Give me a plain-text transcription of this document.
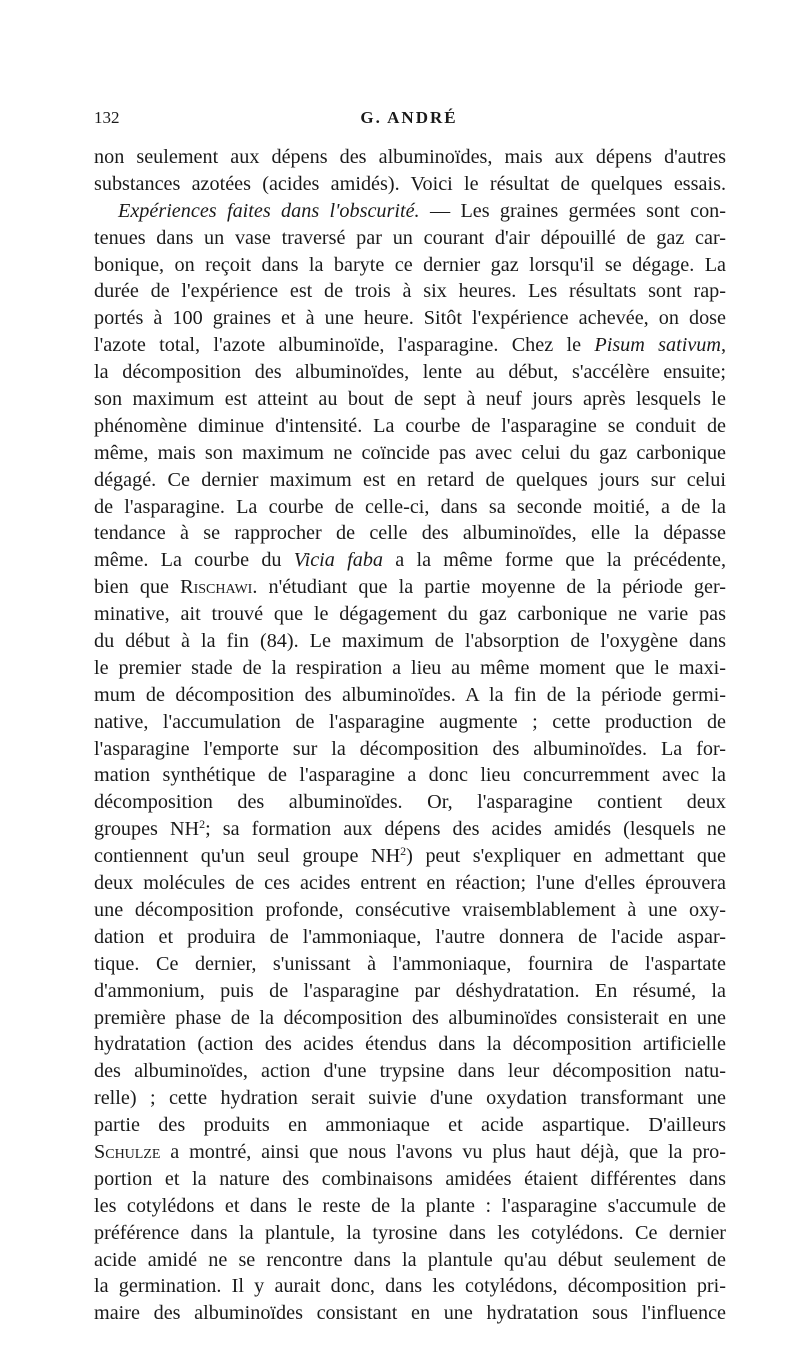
132	G. ANDRÉ
non seulement aux dépens des albuminoïdes, mais aux dépens d'autres
substances azotées (acides amidés). Voici le résultat de quelques essais.
Expériences faites dans l'obscurité. — Les graines germées sont con-
tenues dans un vase traversé par un courant d'air dépouillé de gaz car-
bonique, on reçoit dans la baryte ce dernier gaz lorsqu'il se dégage. La
durée de l'expérience est de trois à six heures. Les résultats sont rap-
portés à 100 graines et à une heure. Sitôt l'expérience achevée, on dose
l'azote total, l'azote albuminoïde, l'asparagine. Chez le Pisum sativum,
la décomposition des albuminoïdes, lente au début, s'accélère ensuite;
son maximum est atteint au bout de sept à neuf jours après lesquels le
phénomène diminue d'intensité. La courbe de l'asparagine se conduit de
même, mais son maximum ne coïncide pas avec celui du gaz carbonique
dégagé. Ce dernier maximum est en retard de quelques jours sur celui
de l'asparagine. La courbe de celle-ci, dans sa seconde moitié, a de la
tendance à se rapprocher de celle des albuminoïdes, elle la dépasse
même. La courbe du Vicia faba a la même forme que la précédente,
bien que Rischawi. n'étudiant que la partie moyenne de la période ger-
minative, ait trouvé que le dégagement du gaz carbonique ne varie pas
du début à la fin (84). Le maximum de l'absorption de l'oxygène dans
le premier stade de la respiration a lieu au même moment que le maxi-
mum de décomposition des albuminoïdes. A la fin de la période germi-
native, l'accumulation de l'asparagine augmente ; cette production de
l'asparagine l'emporte sur la décomposition des albuminoïdes. La for-
mation synthétique de l'asparagine a donc lieu concurremment avec la
décomposition des albuminoïdes. Or, l'asparagine contient deux
groupes $NH^2$; sa formation aux dépens des acides amidés (lesquels ne
contiennent qu'un seul groupe $NH^2$) peut s'expliquer en admettant que
deux molécules de ces acides entrent en réaction; l'une d'elles éprouvera
une décomposition profonde, consécutive vraisemblablement à une oxy-
dation et produira de l'ammoniaque, l'autre donnera de l'acide aspar-
tique. Ce dernier, s'unissant à l'ammoniaque, fournira de l'aspartate
d'ammonium, puis de l'asparagine par déshydratation. En résumé, la
première phase de la décomposition des albuminoïdes consisterait en une
hydratation (action des acides étendus dans la décomposition artificielle
des albuminoïdes, action d'une trypsine dans leur décomposition natu-
relle) ; cette hydration serait suivie d'une oxydation transformant une
partie des produits en ammoniaque et acide aspartique. D'ailleurs
Schulze a montré, ainsi que nous l'avons vu plus haut déjà, que la pro-
portion et la nature des combinaisons amidées étaient différentes dans
les cotylédons et dans le reste de la plante : l'asparagine s'accumule de
préférence dans la plantule, la tyrosine dans les cotylédons. Ce dernier
acide amidé ne se rencontre dans la plantule qu'au début seulement de
la germination. Il y aurait donc, dans les cotylédons, décomposition pri-
maire des albuminoïdes consistant en une hydratation sous l'influence
